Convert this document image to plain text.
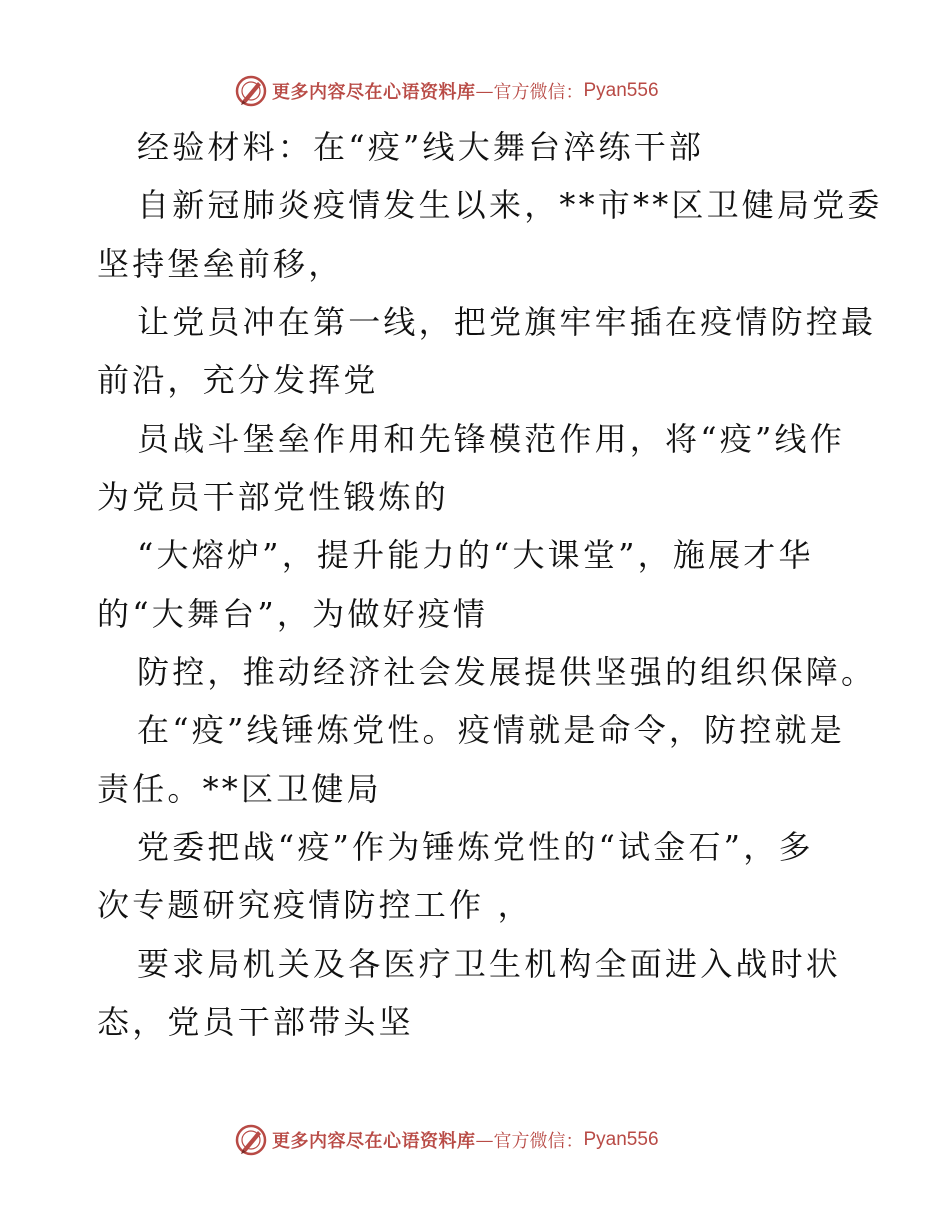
更多内容尽在心语资料库 — 官方微信： Pyan556
经验材料：在“疫”线大舞台淬练干部
自新冠肺炎疫情发生以来，**市**区卫健局党委
坚持堡垒前移，
让党员冲在第一线，把党旗牢牢插在疫情防控最
前沿，充分发挥党
员战斗堡垒作用和先锋模范作用，将“疫”线作
为党员干部党性锻炼的
“大熔炉”，提升能力的“大课堂”，施展才华
的“大舞台”，为做好疫情
防控，推动经济社会发展提供坚强的组织保障。
在“疫”线锤炼党性。疫情就是命令，防控就是
责任。**区卫健局
党委把战“疫”作为锤炼党性的“试金石”，多
次专题研究疫情防控工作 ，
要求局机关及各医疗卫生机构全面进入战时状
态，党员干部带头坚
更多内容尽在心语资料库 — 官方微信： Pyan556
